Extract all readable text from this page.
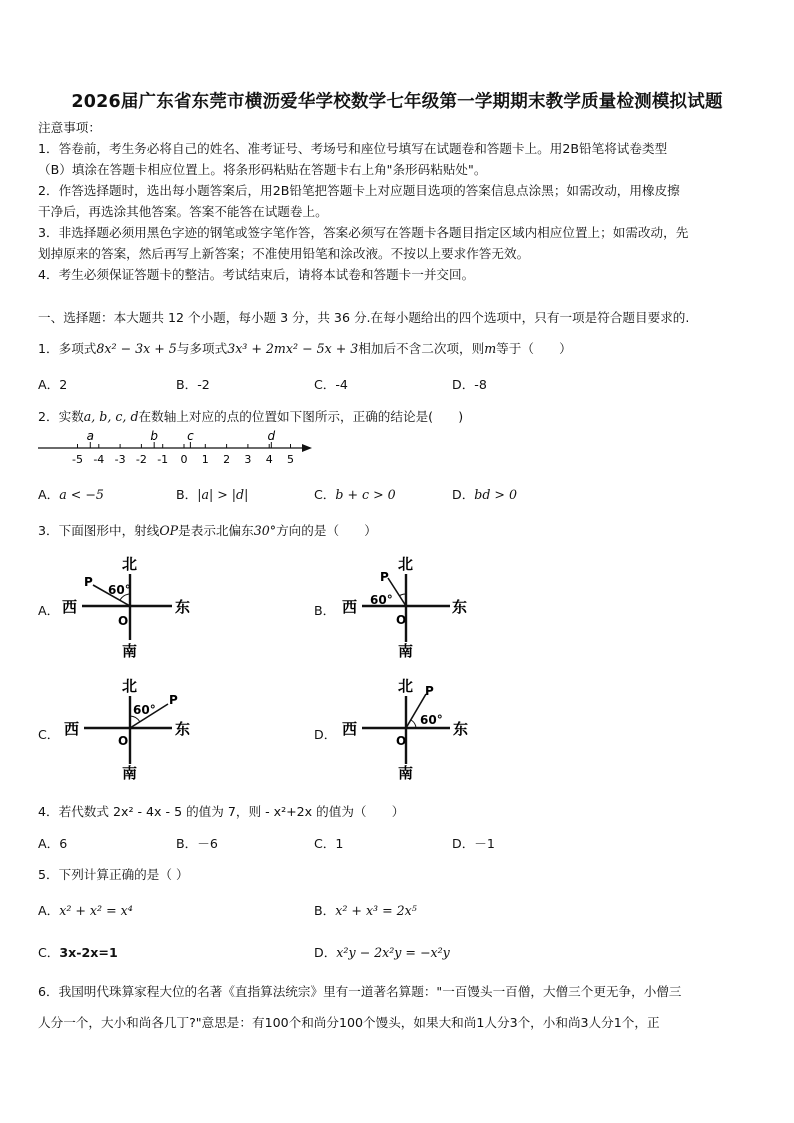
2026届广东省东莞市横沥爱华学校数学七年级第一学期期末教学质量检测模拟试题
注意事项：
1．答卷前，考生务必将自己的姓名、准考证号、考场号和座位号填写在试题卷和答题卡上。用2B铅笔将试卷类型
（B）填涂在答题卡相应位置上。将条形码粘贴在答题卡右上角"条形码粘贴处"。
2．作答选择题时，选出每小题答案后，用2B铅笔把答题卡上对应题目选项的答案信息点涂黑；如需改动，用橡皮擦
干净后，再选涂其他答案。答案不能答在试题卷上。
3．非选择题必须用黑色字迹的钢笔或签字笔作答，答案必须写在答题卡各题目指定区域内相应位置上；如需改动，先
划掉原来的答案，然后再写上新答案；不准使用铅笔和涂改液。不按以上要求作答无效。
4．考生必须保证答题卡的整洁。考试结束后，请将本试卷和答题卡一并交回。
一、选择题：本大题共 12 个小题，每小题 3 分，共 36 分.在每小题给出的四个选项中，只有一项是符合题目要求的.
1．多项式8x² − 3x + 5与多项式3x³ + 2mx² − 5x + 3相加后不含二次项，则m等于（　　）
A．2	B．-2	C．-4	D．-8
2．实数a, b, c, d在数轴上对应的点的位置如下图所示，正确的结论是(　　)
-5 -4 -3 -2 -1 0 1 2 3 4 5
a	b c	d
A．a < −5	B．|a| > |d|	C．b + c > 0	D．bd > 0
3．下面图形中，射线OP是表示北偏东30°方向的是（　　）
A．	B．
C．	D．
北
西	东
南
P
60°
O
北
西	东
南
P
60°
O
北
西	东
南
P
60°
O
北
西	东
南
P
60°
O
4．若代数式 2x² - 4x - 5 的值为 7，则 - x²+2x 的值为（　　）
A．6	B．－6	C．1	D．－1
5．下列计算正确的是（ ）
A．x² + x² = x⁴	B．x² + x³ = 2x⁵
C．3x-2x=1	D．x²y − 2x²y = −x²y
6．我国明代珠算家程大位的名著《直指算法统宗》里有一道著名算题："一百馒头一百僧，大僧三个更无争，小僧三
人分一个，大小和尚各几丁?"意思是：有100个和尚分100个馒头，如果大和尚1人分3个，小和尚3人分1个，正
